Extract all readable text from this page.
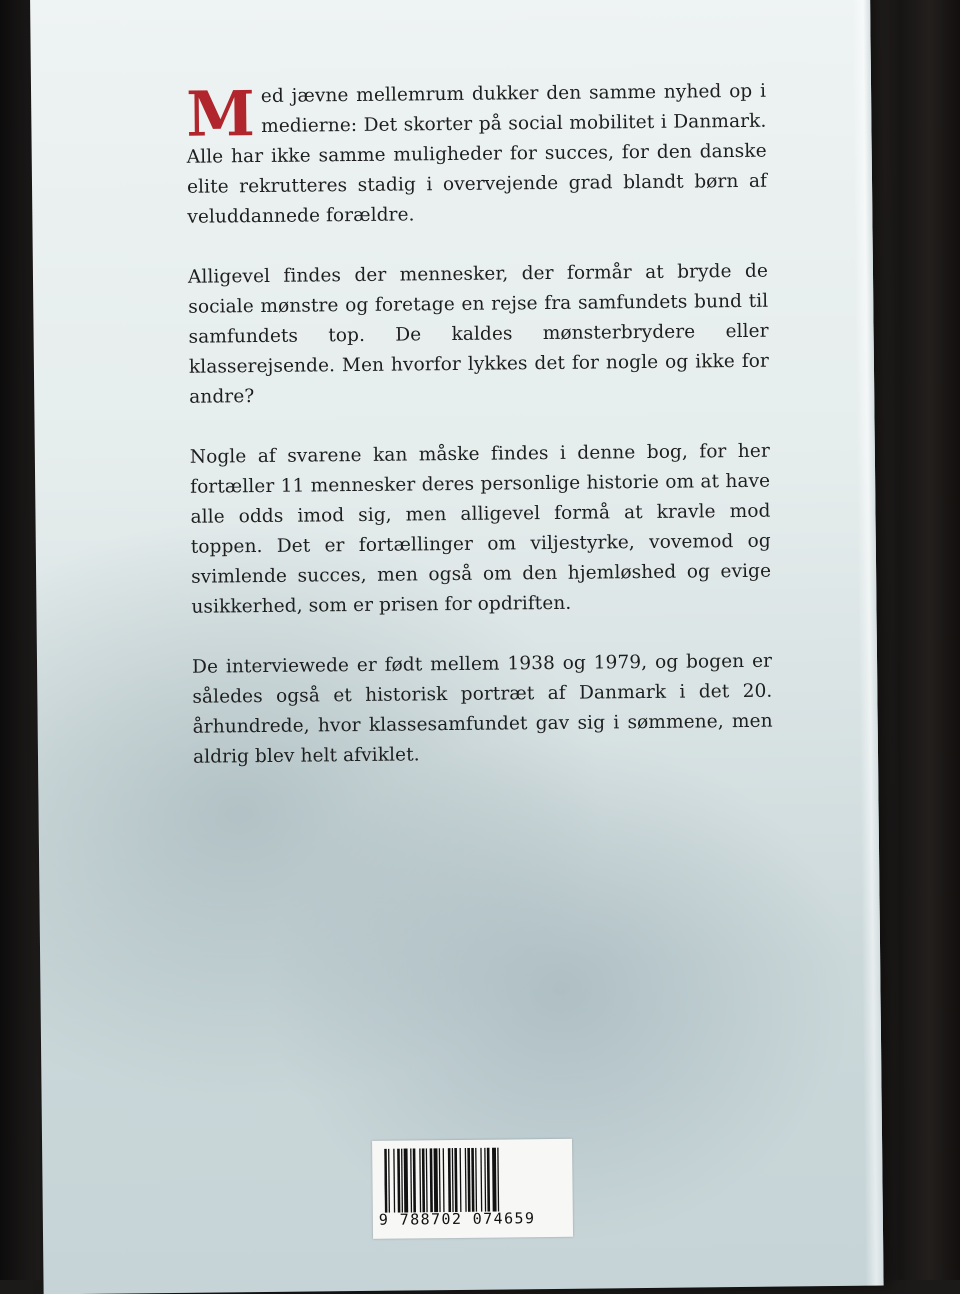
Med jævne mellemrum dukker den samme nyhed op i medierne: Det skorter på social mobilitet i Danmark. Alle har ikke samme muligheder for succes, for den danske elite rekrutteres stadig i overvejende grad blandt børn af veluddannede forældre.

Alligevel findes der mennesker, der formår at bryde de sociale mønstre og foretage en rejse fra samfundets bund til samfundets top. De kaldes mønsterbrydere eller klasserejsende. Men hvorfor lykkes det for nogle og ikke for andre?

Nogle af svarene kan måske findes i denne bog, for her fortæller 11 mennesker deres personlige historie om at have alle odds imod sig, men alligevel formå at kravle mod toppen. Det er fortællinger om viljestyrke, vovemod og svimlende succes, men også om den hjemløshed og evige usikkerhed, som er prisen for opdriften.

De interviewede er født mellem 1938 og 1979, og bogen er således også et historisk portræt af Danmark i det 20. århundrede, hvor klassesamfundet gav sig i sømmene, men aldrig blev helt afviklet.

9 788702 074659
